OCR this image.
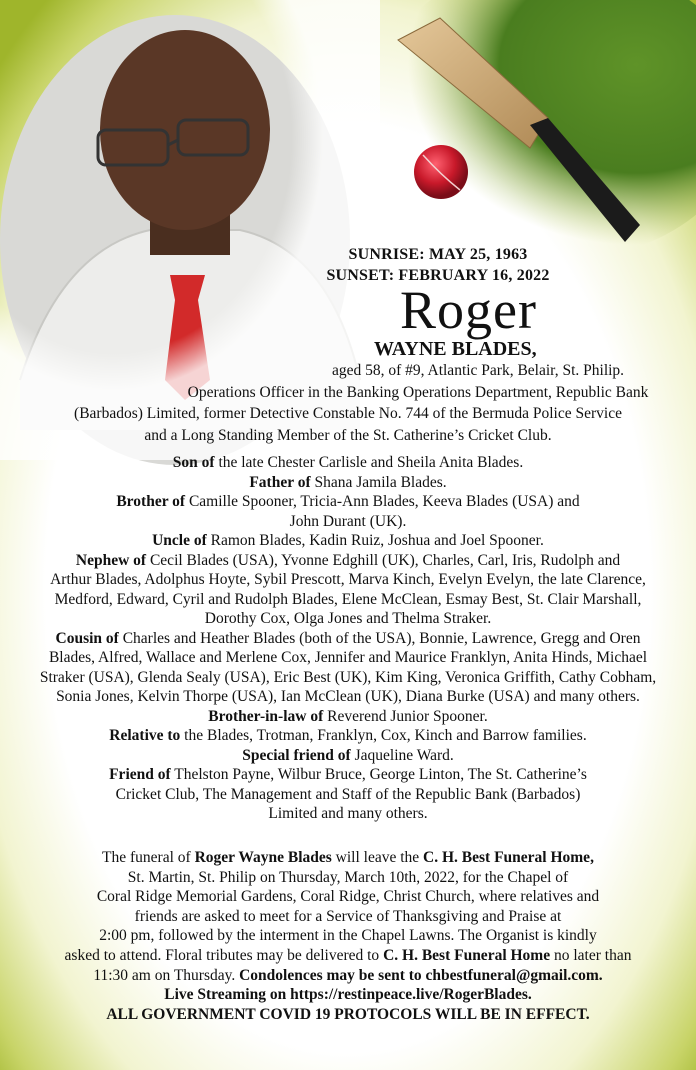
SUNRISE: MAY 25, 1963
SUNSET: FEBRUARY 16, 2022
Roger
WAYNE BLADES,
aged 58, of #9, Atlantic Park, Belair, St. Philip.
Operations Officer in the Banking Operations Department, Republic Bank
(Barbados) Limited, former Detective Constable No. 744 of the Bermuda Police Service
and a Long Standing Member of the St. Catherine’s Cricket Club.
Son of the late Chester Carlisle and Sheila Anita Blades.
Father of Shana Jamila Blades.
Brother of Camille Spooner, Tricia-Ann Blades, Keeva Blades (USA) and
John Durant (UK).
Uncle of Ramon Blades, Kadin Ruiz, Joshua and Joel Spooner.
Nephew of Cecil Blades (USA), Yvonne Edghill (UK), Charles, Carl, Iris, Rudolph and
Arthur Blades, Adolphus Hoyte, Sybil Prescott, Marva Kinch, Evelyn Evelyn, the late Clarence,
Medford, Edward, Cyril and Rudolph Blades, Elene McClean, Esmay Best, St. Clair Marshall,
Dorothy Cox, Olga Jones and Thelma Straker.
Cousin of Charles and Heather Blades (both of the USA), Bonnie, Lawrence, Gregg and Oren
Blades, Alfred, Wallace and Merlene Cox, Jennifer and Maurice Franklyn, Anita Hinds, Michael
Straker (USA), Glenda Sealy (USA), Eric Best (UK), Kim King, Veronica Griffith, Cathy Cobham,
Sonia Jones, Kelvin Thorpe (USA), Ian McClean (UK), Diana Burke (USA) and many others.
Brother-in-law of Reverend Junior Spooner.
Relative to the Blades, Trotman, Franklyn, Cox, Kinch and Barrow families.
Special friend of Jaqueline Ward.
Friend of Thelston Payne, Wilbur Bruce, George Linton, The St. Catherine’s
Cricket Club, The Management and Staff of the Republic Bank (Barbados)
Limited and many others.
The funeral of Roger Wayne Blades will leave the C. H. Best Funeral Home,
St. Martin, St. Philip on Thursday, March 10th, 2022, for the Chapel of
Coral Ridge Memorial Gardens, Coral Ridge, Christ Church, where relatives and
friends are asked to meet for a Service of Thanksgiving and Praise at
2:00 pm, followed by the interment in the Chapel Lawns. The Organist is kindly
asked to attend. Floral tributes may be delivered to C. H. Best Funeral Home no later than
11:30 am on Thursday. Condolences may be sent to chbestfuneral@gmail.com.
Live Streaming on https://restinpeace.live/RogerBlades.
ALL GOVERNMENT COVID 19 PROTOCOLS WILL BE IN EFFECT.
